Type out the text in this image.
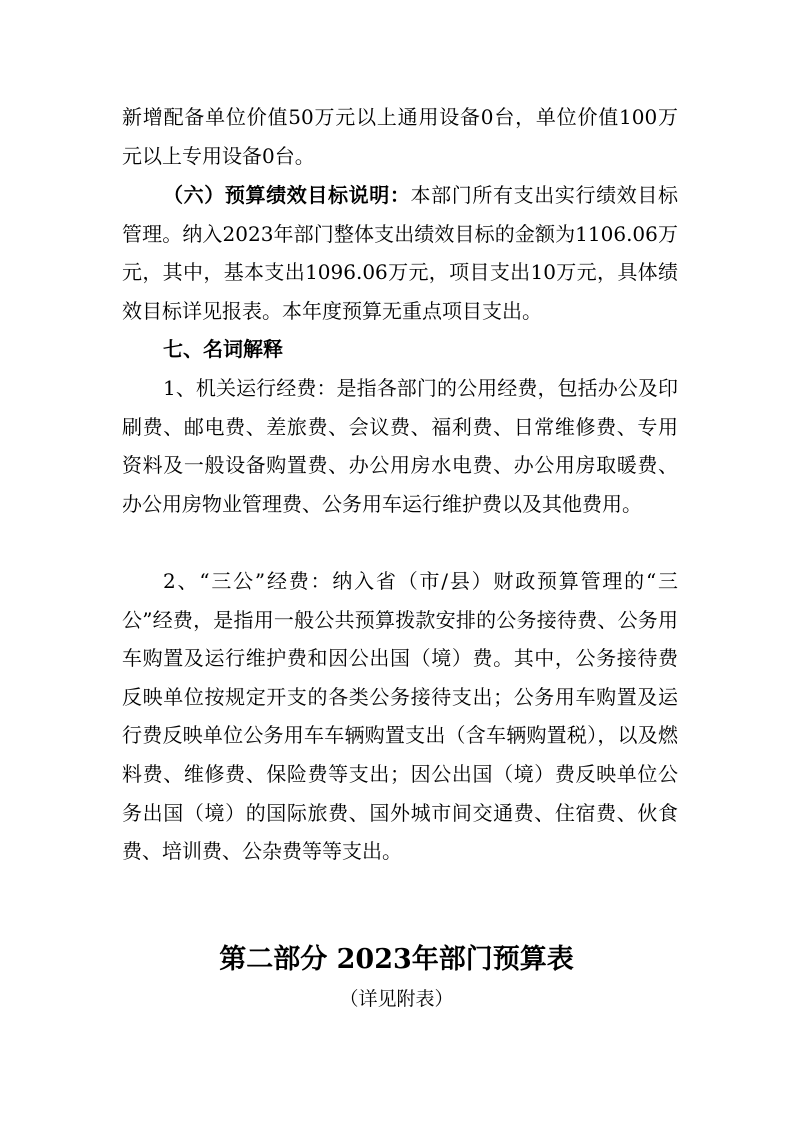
新增配备单位价值50万元以上通用设备0台，单位价值100万元以上专用设备0台。

（六）预算绩效目标说明：本部门所有支出实行绩效目标管理。纳入2023年部门整体支出绩效目标的金额为1106.06万元，其中，基本支出1096.06万元，项目支出10万元，具体绩效目标详见报表。本年度预算无重点项目支出。

七、名词解释

1、机关运行经费：是指各部门的公用经费，包括办公及印刷费、邮电费、差旅费、会议费、福利费、日常维修费、专用资料及一般设备购置费、办公用房水电费、办公用房取暖费、办公用房物业管理费、公务用车运行维护费以及其他费用。

2、“三公”经费：纳入省（市/县）财政预算管理的“三公”经费，是指用一般公共预算拨款安排的公务接待费、公务用车购置及运行维护费和因公出国（境）费。其中，公务接待费反映单位按规定开支的各类公务接待支出；公务用车购置及运行费反映单位公务用车车辆购置支出（含车辆购置税），以及燃料费、维修费、保险费等支出；因公出国（境）费反映单位公务出国（境）的国际旅费、国外城市间交通费、住宿费、伙食费、培训费、公杂费等等支出。

第二部分 2023年部门预算表

（详见附表）
